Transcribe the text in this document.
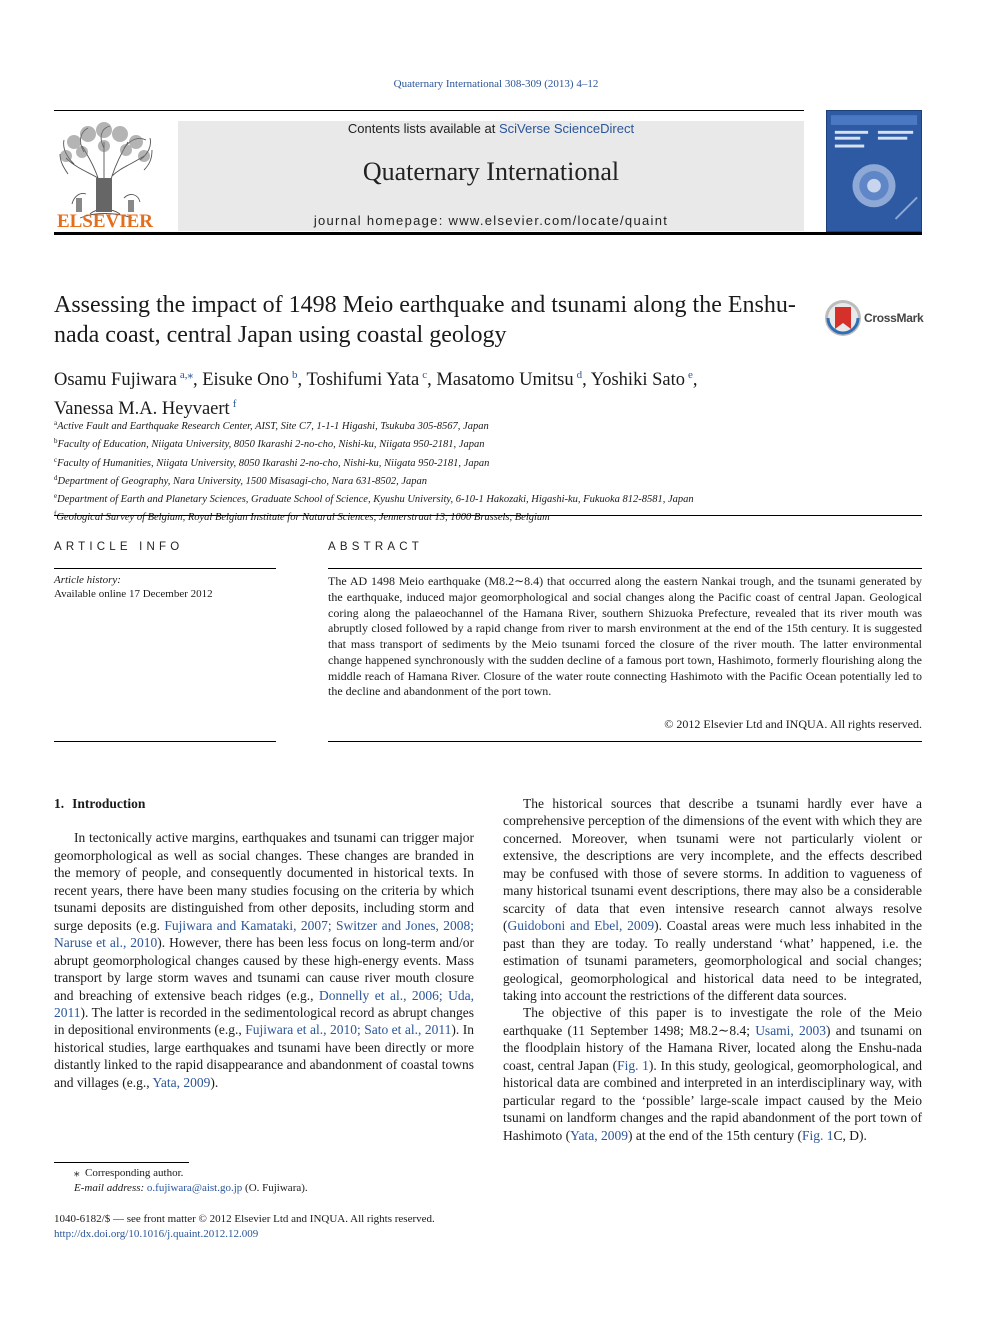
Quaternary International 308-309 (2013) 4–12
ELSEVIER
Contents lists available at SciVerse ScienceDirect
Quaternary International
journal homepage: www.elsevier.com/locate/quaint
Assessing the impact of 1498 Meio earthquake and tsunami along the Enshu-nada coast, central Japan using coastal geology
CrossMark
Osamu Fujiwara $^{a,⁎}$, Eisuke Ono $^b$, Toshifumi Yata $^c$, Masatomo Umitsu $^d$, Yoshiki Sato $^e$,
Vanessa M.A. Heyvaert $^f$
$^a$Active Fault and Earthquake Research Center, AIST, Site C7, 1-1-1 Higashi, Tsukuba 305-8567, Japan
$^b$Faculty of Education, Niigata University, 8050 Ikarashi 2-no-cho, Nishi-ku, Niigata 950-2181, Japan
$^c$Faculty of Humanities, Niigata University, 8050 Ikarashi 2-no-cho, Nishi-ku, Niigata 950-2181, Japan
$^d$Department of Geography, Nara University, 1500 Misasagi-cho, Nara 631-8502, Japan
$^e$Department of Earth and Planetary Sciences, Graduate School of Science, Kyushu University, 6-10-1 Hakozaki, Higashi-ku, Fukuoka 812-8581, Japan
$^f$Geological Survey of Belgium, Royal Belgian Institute for Natural Sciences, Jennerstraat 13, 1000 Brussels, Belgium
ARTICLE INFO	ABSTRACT
Article history:
Available online 17 December 2012
The AD 1498 Meio earthquake (M8.2∼8.4) that occurred along the eastern Nankai trough, and the tsunami generated by the earthquake, induced major geomorphological and social changes along the Pacific coast of central Japan. Geological coring along the palaeochannel of the Hamana River, southern Shizuoka Prefecture, revealed that its river mouth was abruptly closed followed by a rapid change from river to marsh environment at the end of the 15th century. It is suggested that mass transport of sediments by the Meio tsunami forced the closure of the river mouth. The latter environmental change happened synchronously with the sudden decline of a famous port town, Hashimoto, formerly flourishing along the middle reach of Hamana River. Closure of the water route connecting Hashimoto with the Pacific Ocean potentially led to the decline and abandonment of the port town.
© 2012 Elsevier Ltd and INQUA. All rights reserved.
1. Introduction

In tectonically active margins, earthquakes and tsunami can trigger major geomorphological as well as social changes. These changes are branded in the memory of people, and consequently documented in historical texts. In recent years, there have been many studies focusing on the criteria by which tsunami deposits are distinguished from other deposits, including storm and surge deposits (e.g. Fujiwara and Kamataki, 2007; Switzer and Jones, 2008; Naruse et al., 2010). However, there has been less focus on long-term and/or abrupt geomorphological changes caused by these high-energy events. Mass transport by large storm waves and tsunami can cause river mouth closure and breaching of extensive beach ridges (e.g., Donnelly et al., 2006; Uda, 2011). The latter is recorded in the sedimentological record as abrupt changes in depositional environments (e.g., Fujiwara et al., 2010; Sato et al., 2011). In historical studies, large earthquakes and tsunami have been directly or more distantly linked to the rapid disappearance and abandonment of coastal towns and villages (e.g., Yata, 2009).

The historical sources that describe a tsunami hardly ever have a comprehensive perception of the dimensions of the event with which they are concerned. Moreover, when tsunami were not particularly violent or extensive, the descriptions are very incomplete, and the effects described may be confused with those of severe storms. In addition to vagueness of many historical tsunami event descriptions, there may also be a considerable scarcity of data that even intensive research cannot always resolve (Guidoboni and Ebel, 2009). Coastal areas were much less inhabited in the past than they are today. To really understand ‘what’ happened, i.e. the estimation of tsunami parameters, geomorphological and social changes; geological, geomorphological and historical data need to be integrated, taking into account the restrictions of the different data sources.

The objective of this paper is to investigate the role of the Meio earthquake (11 September 1498; M8.2∼8.4; Usami, 2003) and tsunami on the floodplain history of the Hamana River, located along the Enshu-nada coast, central Japan (Fig. 1). In this study, geological, geomorphological, and historical data are combined and interpreted in an interdisciplinary way, with particular regard to the ‘possible’ large-scale impact caused by the Meio tsunami on landform changes and the rapid abandonment of the port town of Hashimoto (Yata, 2009) at the end of the 15th century (Fig. 1C, D).

⁎ Corresponding author.
E-mail address: o.fujiwara@aist.go.jp (O. Fujiwara).
1040-6182/$ — see front matter © 2012 Elsevier Ltd and INQUA. All rights reserved.
http://dx.doi.org/10.1016/j.quaint.2012.12.009
